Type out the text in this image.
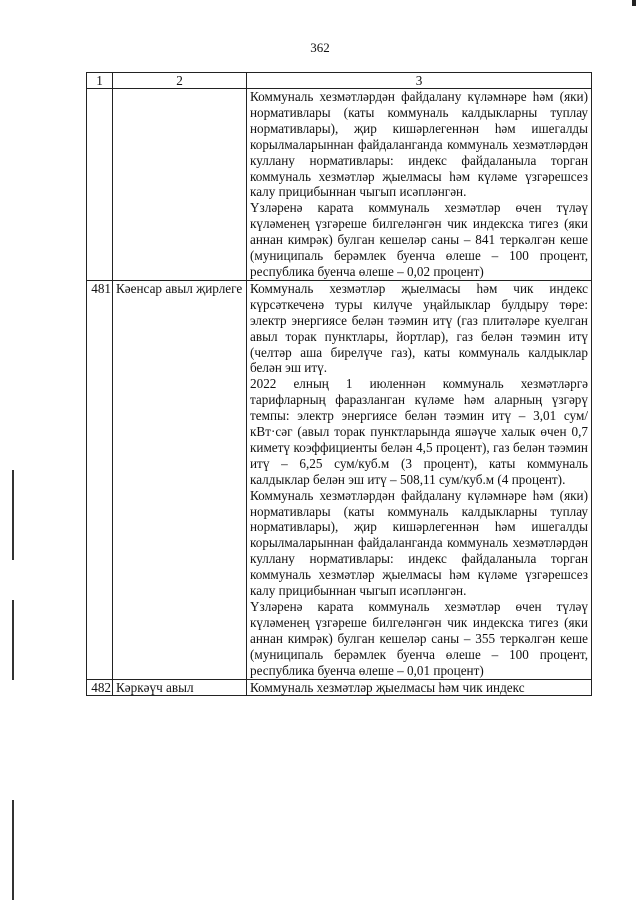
362
1	2	3

		Коммуналь хезмәтләрдән файдалану күләмнәре һәм (яки) нормативлары (каты коммуналь калдыкларны туплау нормативлары), җир кишәрлегеннән һәм ишегалды корылмаларыннан файдаланганда коммуналь хезмәтләрдән куллану нормативлары: индекс файдаланыла торган коммуналь хезмәтләр җыелмасы һәм күләме үзгәрешсез калу прицибыннан чыгып исәпләнгән.

Үзләренә карата коммуналь хезмәтләр өчен түләү күләменең үзгәреше билгеләнгән чик индекска тигез (яки аннан кимрәк) булган кешеләр саны – 841 теркәлгән кеше (муниципаль берәмлек буенча өлеше – 100 процент, республика буенча өлеше – 0,02 процент)

481	Кәенсар авыл җирлеге	Коммуналь хезмәтләр җыелмасы һәм чик индекс күрсәткеченә туры килүче уңайлыклар булдыру төре: электр энергиясе белән тәэмин итү (газ плитәләре куелган авыл торак пунктлары, йортлар), газ белән тәэмин итү (челтәр аша бирелүче газ), каты коммуналь калдыклар белән эш итү.

2022 елның 1 июленнән коммуналь хезмәтләргә тарифларның фаразланган күләме һәм аларның үзгәрү темпы: электр энергиясе белән тәэмин итү – 3,01 сум/кВт·сәг (авыл торак пунктларында яшәүче халык өчен 0,7 киметү коэффициенты белән 4,5 процент), газ белән тәэмин итү – 6,25 сум/куб.м (3 процент), каты коммуналь калдыклар белән эш итү – 508,11 сум/куб.м (4 процент).

Коммуналь хезмәтләрдән файдалану күләмнәре һәм (яки) нормативлары (каты коммуналь калдыкларны туплау нормативлары), җир кишәрлегеннән һәм ишегалды корылмаларыннан файдаланганда коммуналь хезмәтләрдән куллану нормативлары: индекс файдаланыла торган коммуналь хезмәтләр җыелмасы һәм күләме үзгәрешсез калу прицибыннан чыгып исәпләнгән.

Үзләренә карата коммуналь хезмәтләр өчен түләү күләменең үзгәреше билгеләнгән чик индекска тигез (яки аннан кимрәк) булган кешеләр саны – 355 теркәлгән кеше (муниципаль берәмлек буенча өлеше – 100 процент, республика буенча өлеше – 0,01 процент)

482	Кәркәүч авыл	Коммуналь хезмәтләр җыелмасы һәм чик индекс
